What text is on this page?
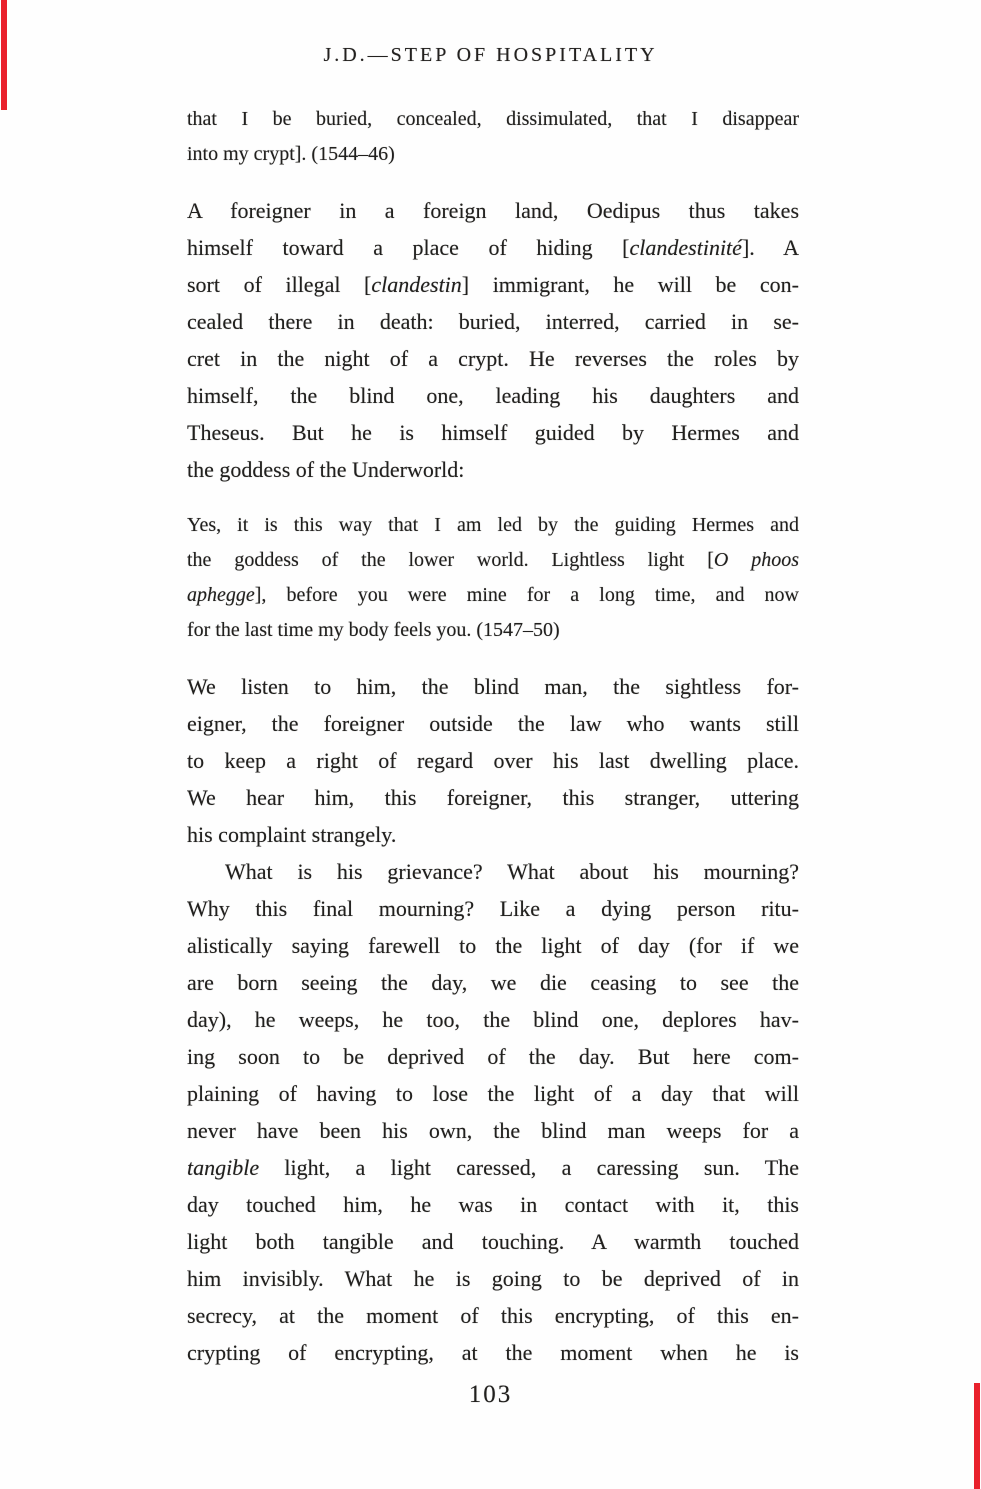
J.D.—STEP OF HOSPITALITY
that I be buried, concealed, dissimulated, that I disappear
into my crypt]. (1544–46)
A foreigner in a foreign land, Oedipus thus takes
himself toward a place of hiding [clandestinité]. A
sort of illegal [clandestin] immigrant, he will be con-
cealed there in death: buried, interred, carried in se-
cret in the night of a crypt. He reverses the roles by
himself, the blind one, leading his daughters and
Theseus. But he is himself guided by Hermes and
the goddess of the Underworld:
Yes, it is this way that I am led by the guiding Hermes and
the goddess of the lower world. Lightless light [O phoos
aphegge], before you were mine for a long time, and now
for the last time my body feels you. (1547–50)
We listen to him, the blind man, the sightless for-
eigner, the foreigner outside the law who wants still
to keep a right of regard over his last dwelling place.
We hear him, this foreigner, this stranger, uttering
his complaint strangely.
What is his grievance? What about his mourning?
Why this final mourning? Like a dying person ritu-
alistically saying farewell to the light of day (for if we
are born seeing the day, we die ceasing to see the
day), he weeps, he too, the blind one, deplores hav-
ing soon to be deprived of the day. But here com-
plaining of having to lose the light of a day that will
never have been his own, the blind man weeps for a
tangible light, a light caressed, a caressing sun. The
day touched him, he was in contact with it, this
light both tangible and touching. A warmth touched
him invisibly. What he is going to be deprived of in
secrecy, at the moment of this encrypting, of this en-
crypting of encrypting, at the moment when he is
103
